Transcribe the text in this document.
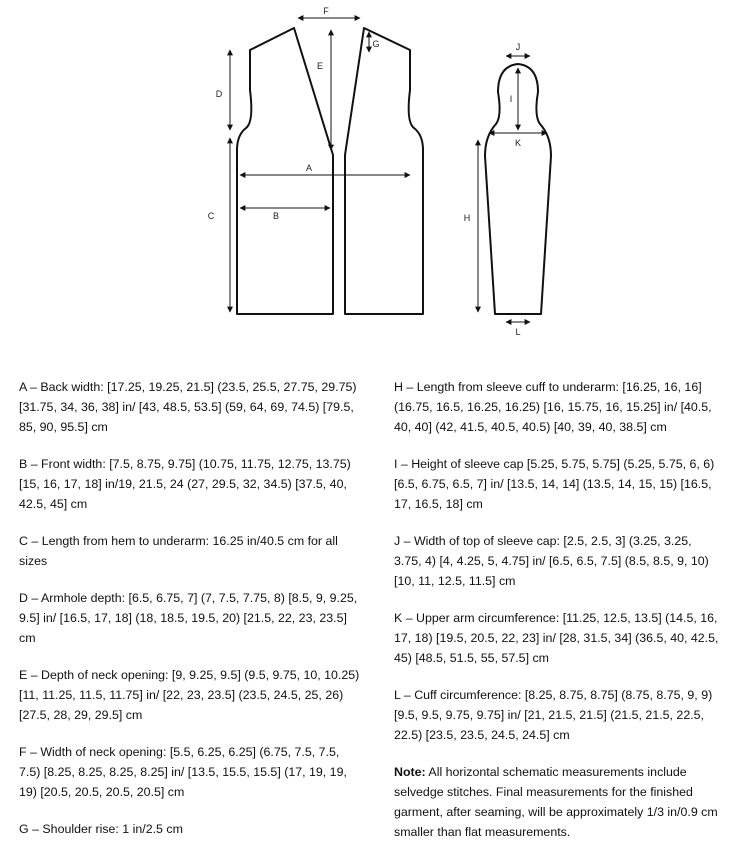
F
E
G
D
C
A
B
J
I
K
H
L
A – Back width: [17.25, 19.25, 21.5] (23.5, 25.5, 27.75, 29.75) [31.75, 34, 36, 38] in/ [43, 48.5, 53.5] (59, 64, 69, 74.5) [79.5, 85, 90, 95.5] cm
B – Front width: [7.5, 8.75, 9.75] (10.75, 11.75, 12.75, 13.75) [15, 16, 17, 18] in/19, 21.5, 24 (27, 29.5, 32, 34.5) [37.5, 40, 42.5, 45] cm
C – Length from hem to underarm: 16.25 in/40.5 cm for all sizes
D – Armhole depth: [6.5, 6.75, 7] (7, 7.5, 7.75, 8) [8.5, 9, 9.25, 9.5] in/ [16.5, 17, 18] (18, 18.5, 19.5, 20) [21.5, 22, 23, 23.5] cm
E – Depth of neck opening: [9, 9.25, 9.5] (9.5, 9.75, 10, 10.25) [11, 11.25, 11.5, 11.75] in/ [22, 23, 23.5] (23.5, 24.5, 25, 26) [27.5, 28, 29, 29.5] cm
F – Width of neck opening: [5.5, 6.25, 6.25] (6.75, 7.5, 7.5, 7.5) [8.25, 8.25, 8.25, 8.25] in/ [13.5, 15.5, 15.5] (17, 19, 19, 19) [20.5, 20.5, 20.5, 20.5] cm
G – Shoulder rise: 1 in/2.5 cm
H – Length from sleeve cuff to underarm: [16.25, 16, 16] (16.75, 16.5, 16.25, 16.25) [16, 15.75, 16, 15.25] in/ [40.5, 40, 40] (42, 41.5, 40.5, 40.5) [40, 39, 40, 38.5] cm
I – Height of sleeve cap [5.25, 5.75, 5.75] (5.25, 5.75, 6, 6) [6.5, 6.75, 6.5, 7] in/ [13.5, 14, 14] (13.5, 14, 15, 15) [16.5, 17, 16.5, 18] cm
J – Width of top of sleeve cap: [2.5, 2.5, 3] (3.25, 3.25, 3.75, 4) [4, 4.25, 5, 4.75] in/ [6.5, 6.5, 7.5] (8.5, 8.5, 9, 10) [10, 11, 12.5, 11.5] cm
K – Upper arm circumference: [11.25, 12.5, 13.5] (14.5, 16, 17, 18) [19.5, 20.5, 22, 23] in/ [28, 31.5, 34] (36.5, 40, 42.5, 45) [48.5, 51.5, 55, 57.5] cm
L – Cuff circumference: [8.25, 8.75, 8.75] (8.75, 8.75, 9, 9) [9.5, 9.5, 9.75, 9.75] in/ [21, 21.5, 21.5] (21.5, 21.5, 22.5, 22.5) [23.5, 23.5, 24.5, 24.5] cm
Note: All horizontal schematic measurements include selvedge stitches. Final measurements for the finished garment, after seaming, will be approximately 1/3 in/0.9 cm smaller than flat measurements.
